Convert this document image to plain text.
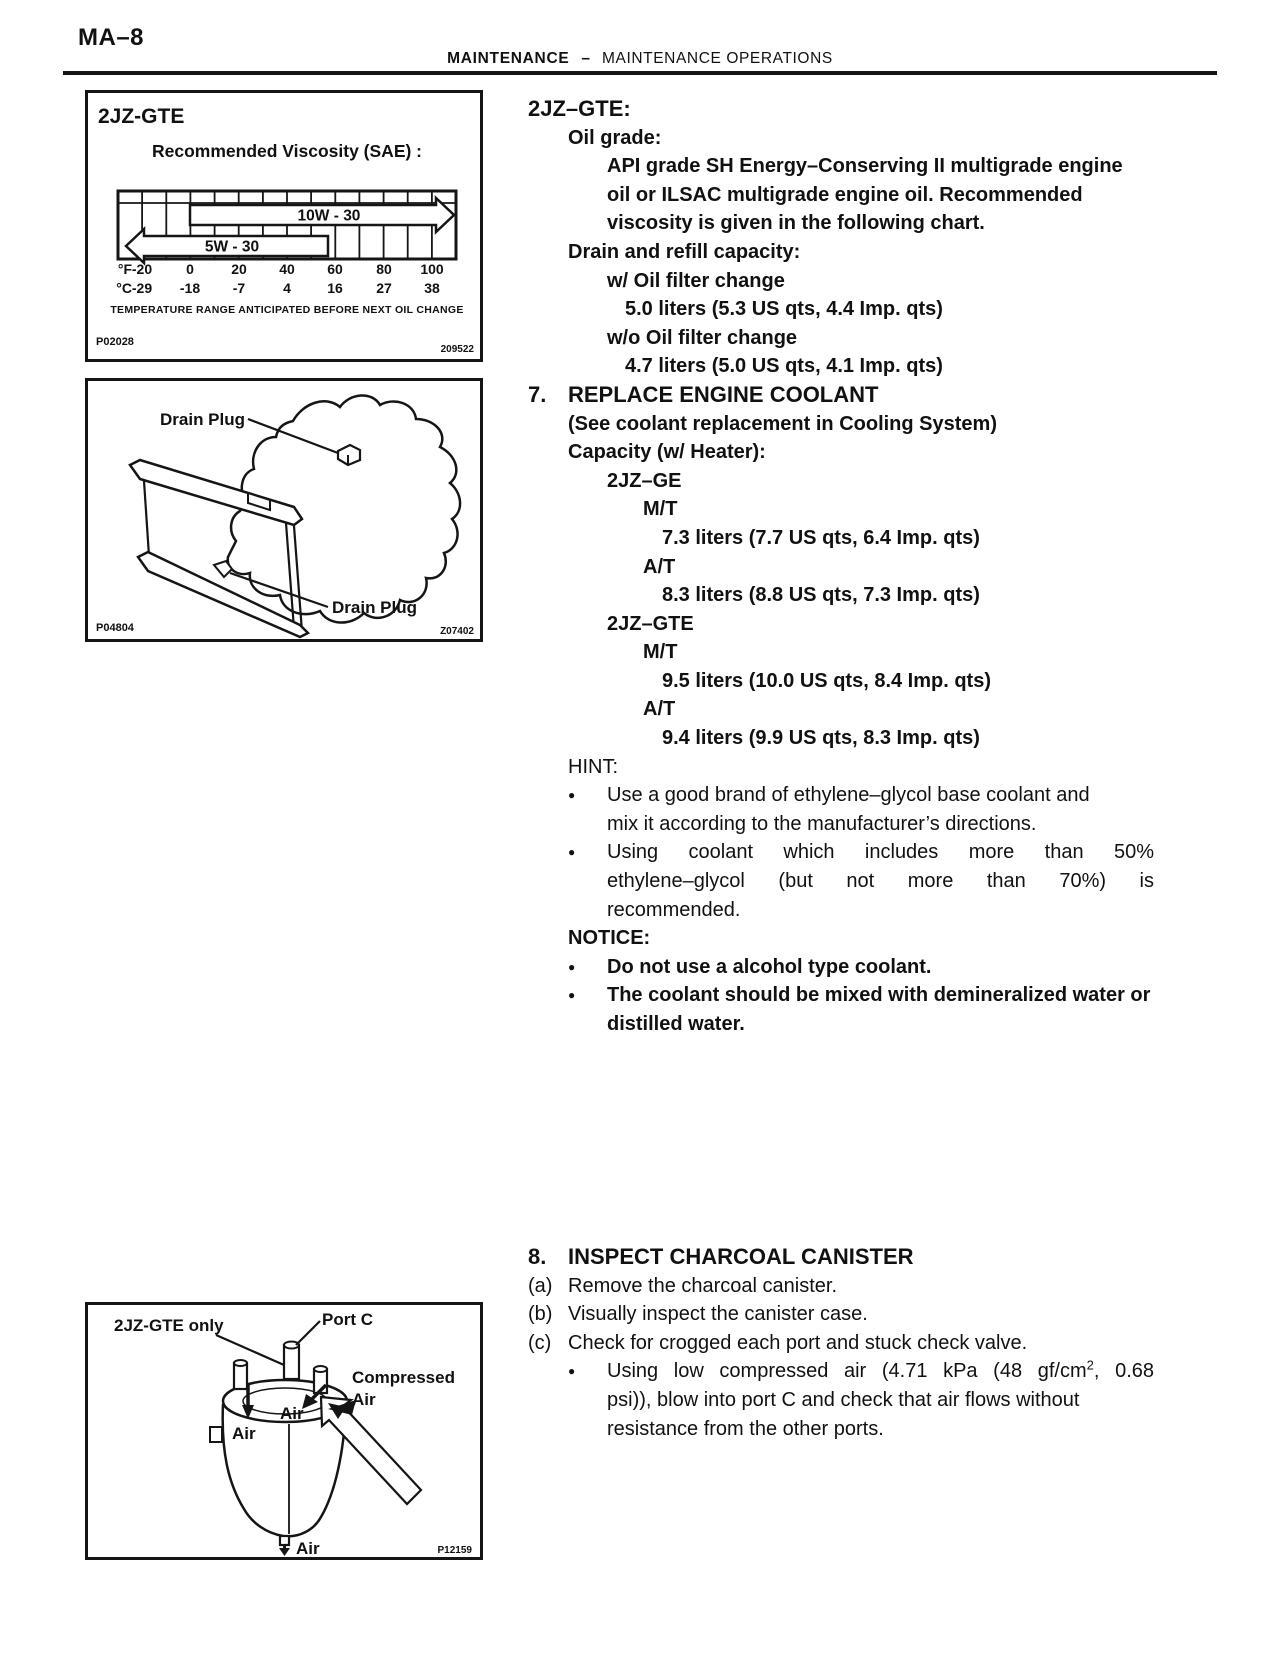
MA–8
MAINTENANCE – MAINTENANCE OPERATIONS
2JZ-GTE
Recommended Viscosity (SAE) :
10W - 30
5W - 30
°F -20 0	20 40 60 80 100
°C -29 -18 -7	4	16 27 38
TEMPERATURE RANGE ANTICIPATED BEFORE NEXT OIL CHANGE
P02028
209522
Drain Plug
Drain Plug
P04804	Z07402
2JZ-GTE only	Port C
Compressed
Air
Air
Air
Air	P12159
2JZ–GTE:
Oil grade:
API grade SH Energy–Conserving II multigrade engine
oil or ILSAC multigrade engine oil. Recommended
viscosity is given in the following chart.
Drain and refill capacity:
w/ Oil filter change
5.0 liters (5.3 US qts, 4.4 Imp. qts)
w/o Oil filter change
4.7 liters (5.0 US qts, 4.1 Imp. qts)
7. REPLACE ENGINE COOLANT
(See coolant replacement in Cooling System)
Capacity (w/ Heater):
2JZ–GE
M/T
7.3 liters (7.7 US qts, 6.4 Imp. qts)
A/T
8.3 liters (8.8 US qts, 7.3 Imp. qts)
2JZ–GTE
M/T
9.5 liters (10.0 US qts, 8.4 Imp. qts)
A/T
9.4 liters (9.9 US qts, 8.3 Imp. qts)
HINT:
●	Use a good brand of ethylene–glycol base coolant and
mix it according to the manufacturer’s directions.
●	Using coolant which includes more than 50%
ethylene–glycol (but not more than 70%) is
recommended.
NOTICE:
●	Do not use a alcohol type coolant.
●	The coolant should be mixed with demineralized water or
distilled water.
8. INSPECT CHARCOAL CANISTER
(a) Remove the charcoal canister.
(b) Visually inspect the canister case.
(c) Check for crogged each port and stuck check valve.
●	Using low compressed air (4.71 kPa (48 $gf/cm^2$, 0.68
psi)), blow into port C and check that air flows without
resistance from the other ports.
